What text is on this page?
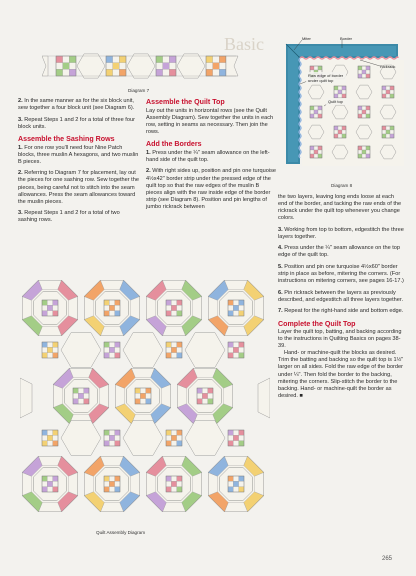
Diagram 7
Miter	Border
Rickrack
Raw edge of border
under quilt top
Quilt top
Diagram 8
Basic

2. In the same manner as for the six block unit, sew together a four block unit (see Diagram 6).

3. Repeat Steps 1 and 2 for a total of three four block units.

Assemble the Sashing Rows

1. For one row you'll need four Nine Patch blocks, three muslin A hexagons, and two muslin B pieces.

2. Referring to Diagram 7 for placement, lay out the pieces for one sashing row. Sew together the pieces, being careful not to stitch into the seam allowances. Press the seam allowances toward the muslin pieces.

3. Repeat Steps 1 and 2 for a total of two sashing rows.

Assemble the Quilt Top

Lay out the units in horizontal rows (see the Quilt Assembly Diagram). Sew together the units in each row, setting in seams as necessary. Then join the rows.

Add the Borders

1. Press under the ¼" seam allowance on the left-hand side of the quilt top.

2. With right sides up, position and pin one turquoise 4½x42" border strip under the pressed edge of the quilt top so that the raw edges of the muslin B pieces align with the raw inside edge of the border strip (see Diagram 8). Position and pin lengths of jumbo rickrack between

the two layers, leaving long ends loose at each end of the border, and tacking the raw ends of the rickrack under the quilt top whenever you change colors.

3. Working from top to bottom, edgestitch the three layers together.

4. Press under the ¼" seam allowance on the top edge of the quilt top.

5. Position and pin one turquoise 4½x60" border strip in place as before, mitering the corners. (For instructions on mitering corners, see pages 16-17.)

6. Pin rickrack between the layers as previously described, and edgestitch all three layers together.

7. Repeat for the right-hand side and bottom edge.

Complete the Quilt Top

Layer the quilt top, batting, and backing according to the instructions in Quilting Basics on pages 38-39.

Hand- or machine-quilt the blocks as desired. Trim the batting and backing so the quilt top is 1½" larger on all sides. Fold the raw edge of the border under ¼". Then fold the border to the backing, mitering the corners. Slip-stitch the border to the backing. Hand- or machine-quilt the border as desired. ■

Quilt Assembly Diagram
265
